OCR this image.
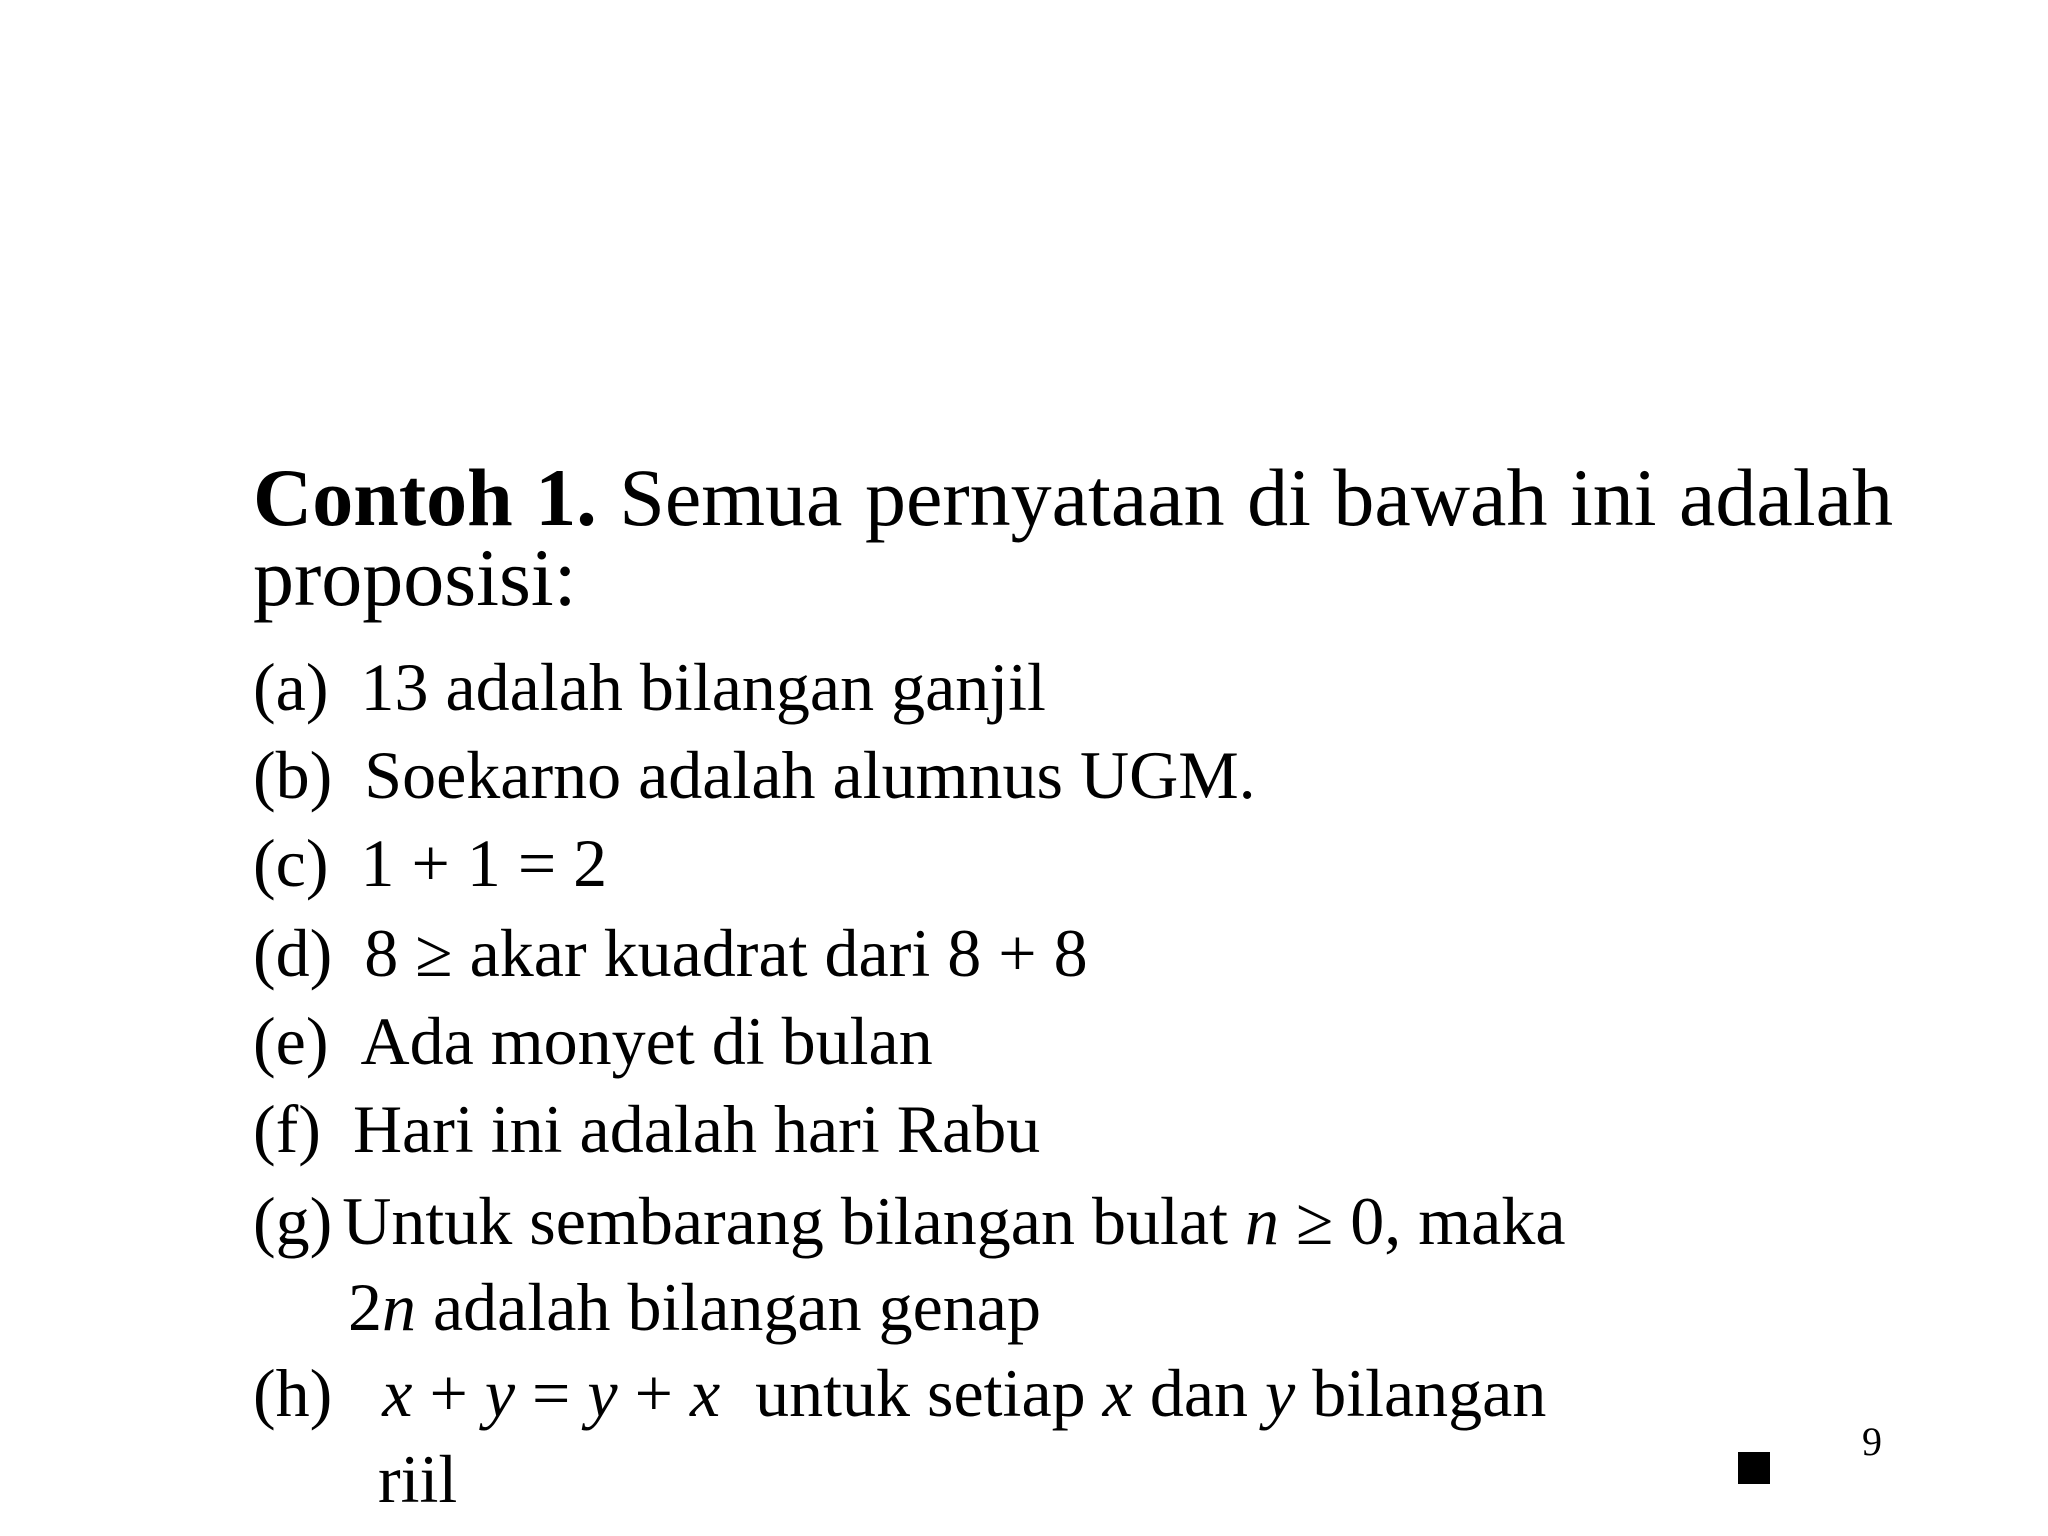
Contoh 1. Semua pernyataan di bawah ini adalah proposisi:
(a) 13 adalah bilangan ganjil
(b) Soekarno adalah alumnus UGM.
(c) 1 + 1 = 2
(d) 8 ≥ akar kuadrat dari 8 + 8
(e) Ada monyet di bulan
(f) Hari ini adalah hari Rabu
(g) Untuk sembarang bilangan bulat n ≥ 0, maka
2n adalah bilangan genap
(h) x + y = y + x untuk setiap x dan y bilangan
riil	9
